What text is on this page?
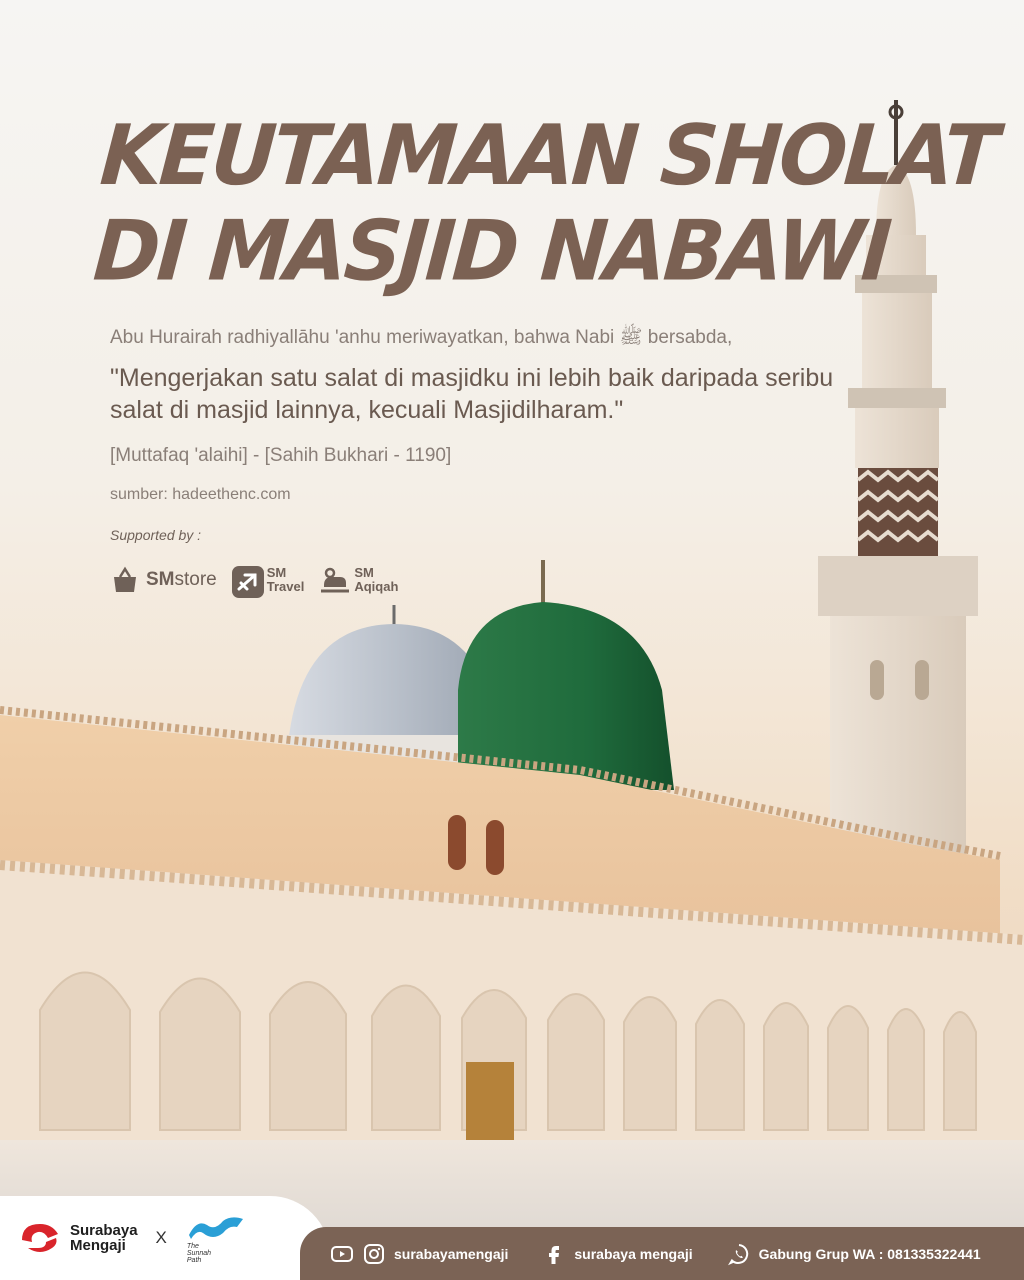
KEUTAMAAN SHOLAT
DI MASJID NABAWI
Abu Hurairah radhiyallāhu 'anhu meriwayatkan, bahwa Nabi ﷺ bersabda,
"Mengerjakan satu salat di masjidku ini lebih baik daripada seribu salat di masjid lainnya, kecuali Masjidilharam."
[Muttafaq 'alaihi] - [Sahih Bukhari - 1190]
sumber: hadeethenc.com
Supported by :
SMstore	SM
Travel
SM
Aqiqah
Surabaya
Mengaji	X	The
Sunnah
Path	surabayamengaji	surabaya mengaji	Gabung Grup WA : 081335322441
